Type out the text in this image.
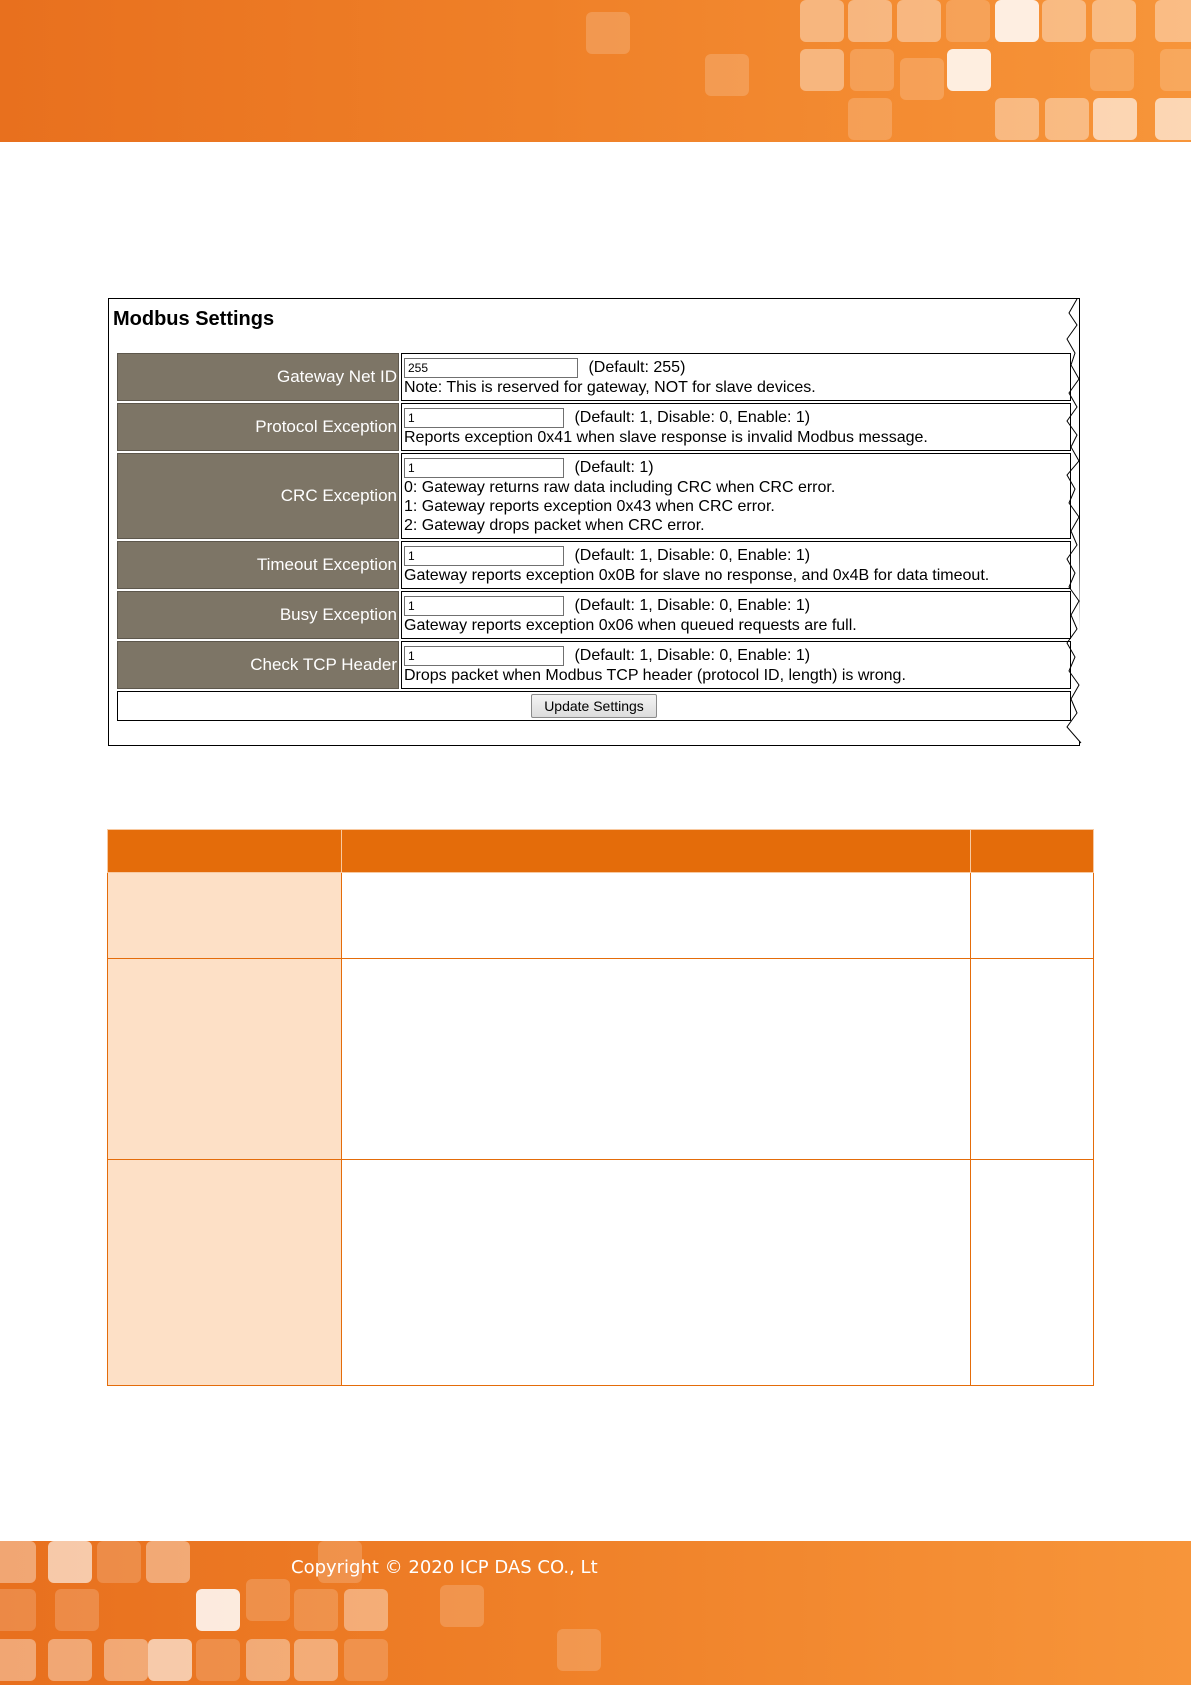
Modbus Settings
Gateway Net ID	255(Default: 255)
Note: This is reserved for gateway, NOT for slave devices.
Protocol Exception	1(Default: 1, Disable: 0, Enable: 1)
Reports exception 0x41 when slave response is invalid Modbus message.
CRC Exception	1 (Default: 1)
0: Gateway returns raw data including CRC when CRC error.
1: Gateway reports exception 0x43 when CRC error.
2: Gateway drops packet when CRC error.
Timeout Exception	1(Default: 1, Disable: 0, Enable: 1)
Gateway reports exception 0x0B for slave no response, and 0x4B for data timeout.
Busy Exception	1(Default: 1, Disable: 0, Enable: 1)
Gateway reports exception 0x06 when queued requests are full.
Check TCP Header	1(Default: 1, Disable: 0, Enable: 1)
Drops packet when Modbus TCP header (protocol ID, length) is wrong.
Update Settings	

Copyright © 2020 ICP DAS CO., Lt
